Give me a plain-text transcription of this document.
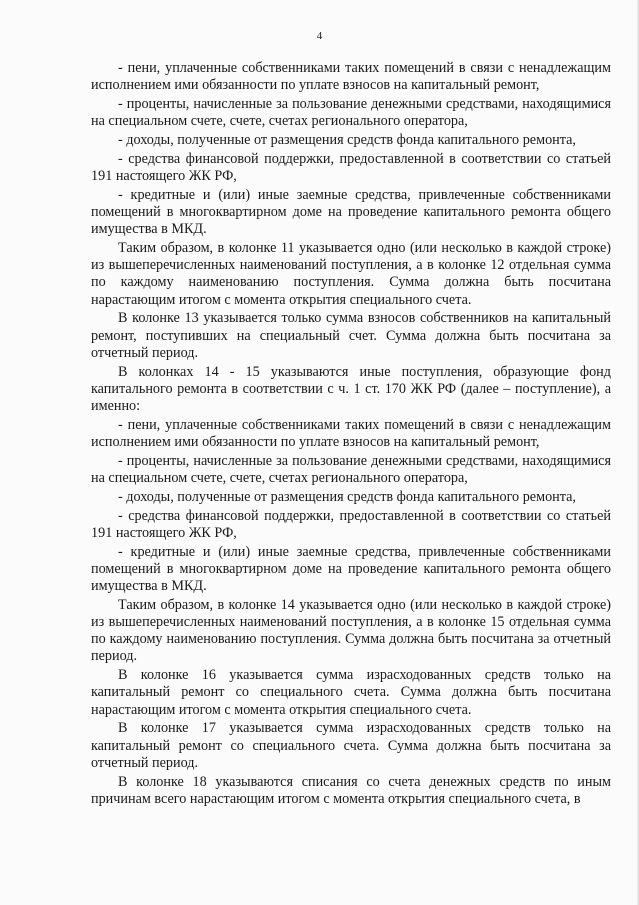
4

- пени, уплаченные собственниками таких помещений в связи с ненадлежащим исполнением ими обязанности по уплате взносов на капитальный ремонт,

- проценты, начисленные за пользование денежными средствами, находящимися на специальном счете, счете, счетах регионального оператора,

- доходы, полученные от размещения средств фонда капитального ремонта,

- средства финансовой поддержки, предоставленной в соответствии со статьей 191 настоящего ЖК РФ,

- кредитные и (или) иные заемные средства, привлеченные собственниками помещений в многоквартирном доме на проведение капитального ремонта общего имущества в МКД.

Таким образом, в колонке 11 указывается одно (или несколько в каждой строке) из вышеперечисленных наименований поступления, а в колонке 12 отдельная сумма по каждому наименованию поступления. Сумма должна быть посчитана нарастающим итогом с момента открытия специального счета.

В колонке 13 указывается только сумма взносов собственников на капитальный ремонт, поступивших на специальный счет. Сумма должна быть посчитана за отчетный период.

В колонках 14 - 15 указываются иные поступления, образующие фонд капитального ремонта в соответствии с ч. 1 ст. 170 ЖК РФ (далее – поступление), а именно:

- пени, уплаченные собственниками таких помещений в связи с ненадлежащим исполнением ими обязанности по уплате взносов на капитальный ремонт,

- проценты, начисленные за пользование денежными средствами, находящимися на специальном счете, счете, счетах регионального оператора,

- доходы, полученные от размещения средств фонда капитального ремонта,

- средства финансовой поддержки, предоставленной в соответствии со статьей 191 настоящего ЖК РФ,

- кредитные и (или) иные заемные средства, привлеченные собственниками помещений в многоквартирном доме на проведение капитального ремонта общего имущества в МКД.

Таким образом, в колонке 14 указывается одно (или несколько в каждой строке) из вышеперечисленных наименований поступления, а в колонке 15 отдельная сумма по каждому наименованию поступления. Сумма должна быть посчитана за отчетный период.

В колонке 16 указывается сумма израсходованных средств только на капитальный ремонт со специального счета. Сумма должна быть посчитана нарастающим итогом с момента открытия специального счета.

В колонке 17 указывается сумма израсходованных средств только на капитальный ремонт со специального счета. Сумма должна быть посчитана за отчетный период.

В колонке 18 указываются списания со счета денежных средств по иным причинам всего нарастающим итогом с момента открытия специального счета, в
